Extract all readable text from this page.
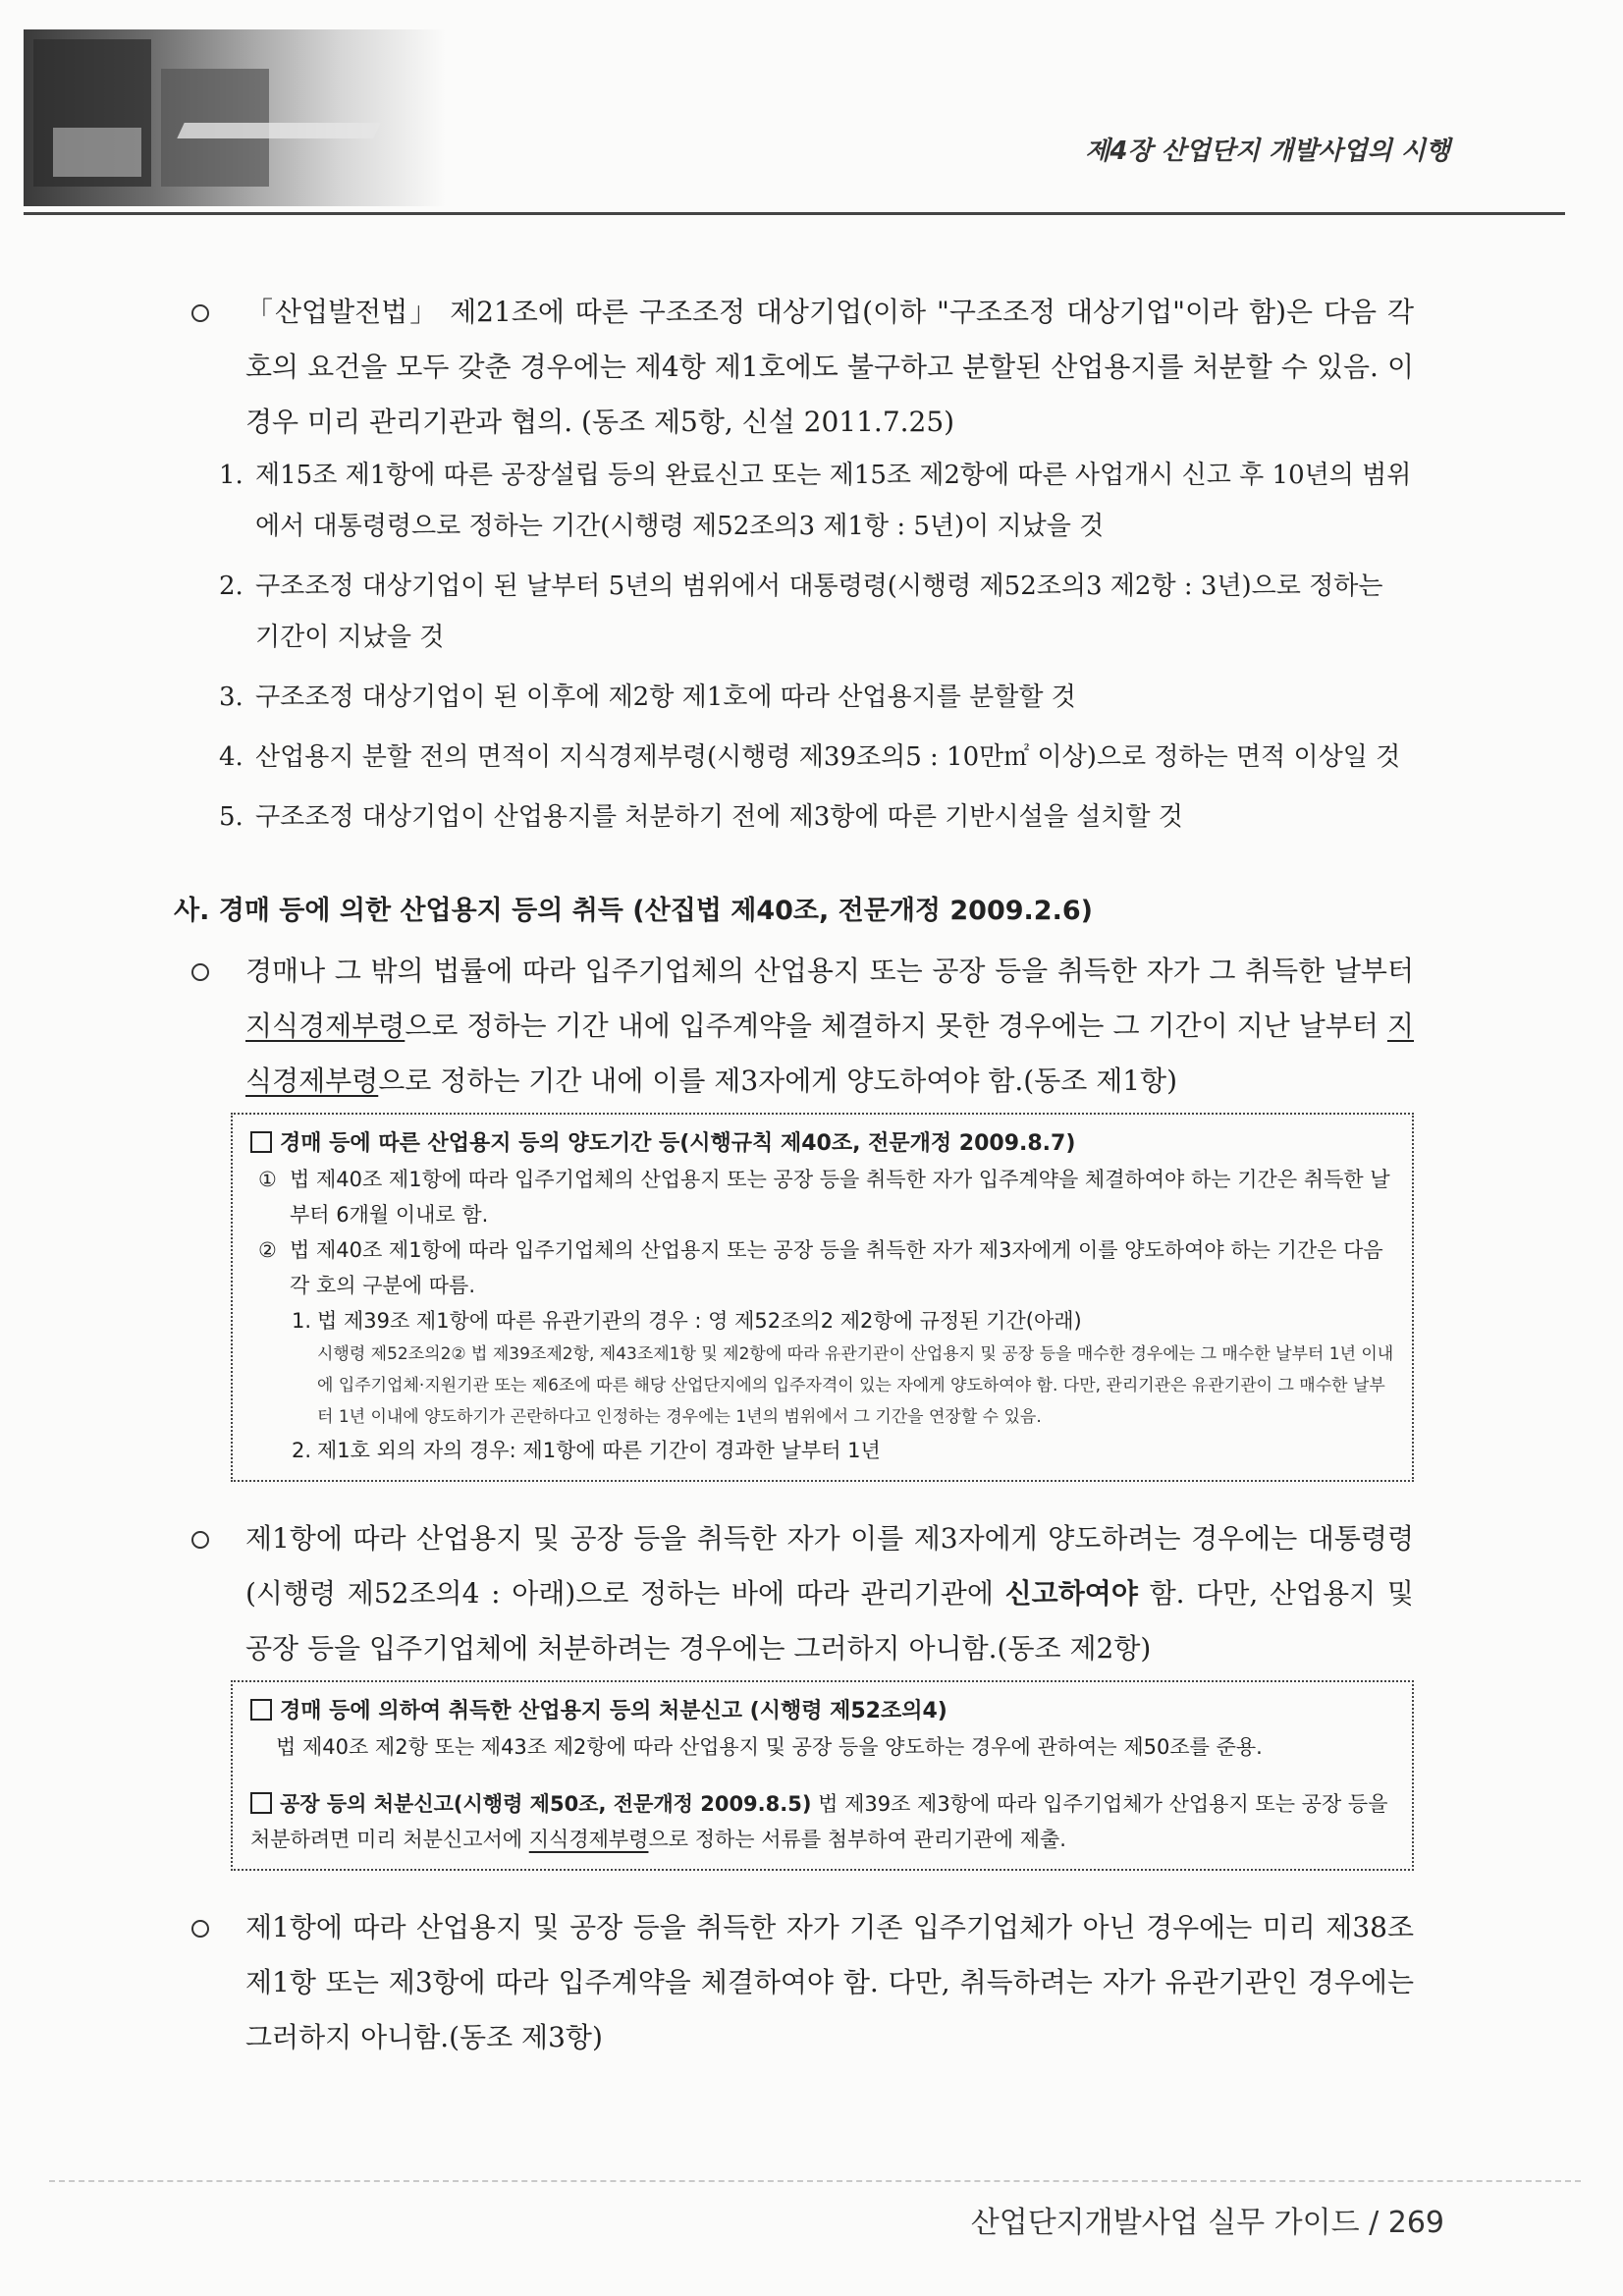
제4장 산업단지 개발사업의 시행

「산업발전법」 제21조에 따른 구조조정 대상기업(이하 "구조조정 대상기업"이라 함)은 다음 각 호의 요건을 모두 갖춘 경우에는 제4항 제1호에도 불구하고 분할된 산업용지를 처분할 수 있음. 이 경우 미리 관리기관과 협의. (동조 제5항, 신설 2011.7.25)

1. 제15조 제1항에 따른 공장설립 등의 완료신고 또는 제15조 제2항에 따른 사업개시 신고 후 10년의 범위에서 대통령령으로 정하는 기간(시행령 제52조의3 제1항 : 5년)이 지났을 것
2. 구조조정 대상기업이 된 날부터 5년의 범위에서 대통령령(시행령 제52조의3 제2항 : 3년)으로 정하는 기간이 지났을 것
3. 구조조정 대상기업이 된 이후에 제2항 제1호에 따라 산업용지를 분할할 것
4. 산업용지 분할 전의 면적이 지식경제부령(시행령 제39조의5 : 10만㎡ 이상)으로 정하는 면적 이상일 것
5. 구조조정 대상기업이 산업용지를 처분하기 전에 제3항에 따른 기반시설을 설치할 것
사. 경매 등에 의한 산업용지 등의 취득 (산집법 제40조, 전문개정 2009.2.6)

경매나 그 밖의 법률에 따라 입주기업체의 산업용지 또는 공장 등을 취득한 자가 그 취득한 날부터 지식경제부령으로 정하는 기간 내에 입주계약을 체결하지 못한 경우에는 그 기간이 지난 날부터 지식경제부령으로 정하는 기간 내에 이를 제3자에게 양도하여야 함.(동조 제1항)

경매 등에 따른 산업용지 등의 양도기간 등(시행규칙 제40조, 전문개정 2009.8.7)
① 법 제40조 제1항에 따라 입주기업체의 산업용지 또는 공장 등을 취득한 자가 입주계약을 체결하여야 하는 기간은 취득한 날부터 6개월 이내로 함.
② 법 제40조 제1항에 따라 입주기업체의 산업용지 또는 공장 등을 취득한 자가 제3자에게 이를 양도하여야 하는 기간은 다음 각 호의 구분에 따름.
1. 법 제39조 제1항에 따른 유관기관의 경우 : 영 제52조의2 제2항에 규정된 기간(아래)
시행령 제52조의2② 법 제39조제2항, 제43조제1항 및 제2항에 따라 유관기관이 산업용지 및 공장 등을 매수한 경우에는 그 매수한 날부터 1년 이내에 입주기업체·지원기관 또는 제6조에 따른 해당 산업단지에의 입주자격이 있는 자에게 양도하여야 함. 다만, 관리기관은 유관기관이 그 매수한 날부터 1년 이내에 양도하기가 곤란하다고 인정하는 경우에는 1년의 범위에서 그 기간을 연장할 수 있음.
2. 제1호 외의 자의 경우: 제1항에 따른 기간이 경과한 날부터 1년

제1항에 따라 산업용지 및 공장 등을 취득한 자가 이를 제3자에게 양도하려는 경우에는 대통령령(시행령 제52조의4 : 아래)으로 정하는 바에 따라 관리기관에 신고하여야 함. 다만, 산업용지 및 공장 등을 입주기업체에 처분하려는 경우에는 그러하지 아니함.(동조 제2항)

경매 등에 의하여 취득한 산업용지 등의 처분신고 (시행령 제52조의4)
법 제40조 제2항 또는 제43조 제2항에 따라 산업용지 및 공장 등을 양도하는 경우에 관하여는 제50조를 준용.
공장 등의 처분신고(시행령 제50조, 전문개정 2009.8.5) 법 제39조 제3항에 따라 입주기업체가 산업용지 또는 공장 등을 처분하려면 미리 처분신고서에 지식경제부령으로 정하는 서류를 첨부하여 관리기관에 제출.

제1항에 따라 산업용지 및 공장 등을 취득한 자가 기존 입주기업체가 아닌 경우에는 미리 제38조 제1항 또는 제3항에 따라 입주계약을 체결하여야 함. 다만, 취득하려는 자가 유관기관인 경우에는 그러하지 아니함.(동조 제3항)

산업단지개발사업 실무 가이드 / 269
